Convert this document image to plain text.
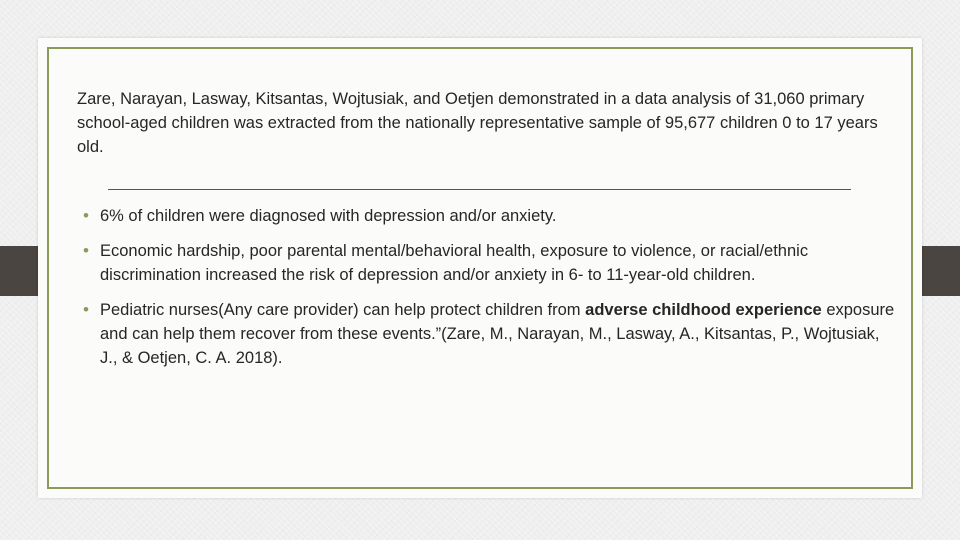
Zare, Narayan, Lasway, Kitsantas, Wojtusiak, and Oetjen demonstrated in a data analysis of 31,060 primary school-aged children was extracted from the nationally representative sample of 95,677 children 0 to 17 years old.
• 6% of children were diagnosed with depression and/or anxiety.
• Economic hardship, poor parental mental/behavioral health, exposure to violence, or racial/ethnic discrimination increased the risk of depression and/or anxiety in 6- to 11-year-old children.
• Pediatric nurses(Any care provider) can help protect children from adverse childhood experience exposure and can help them recover from these events.”(Zare, M., Narayan, M., Lasway, A., Kitsantas, P., Wojtusiak, J., & Oetjen, C. A. 2018).
